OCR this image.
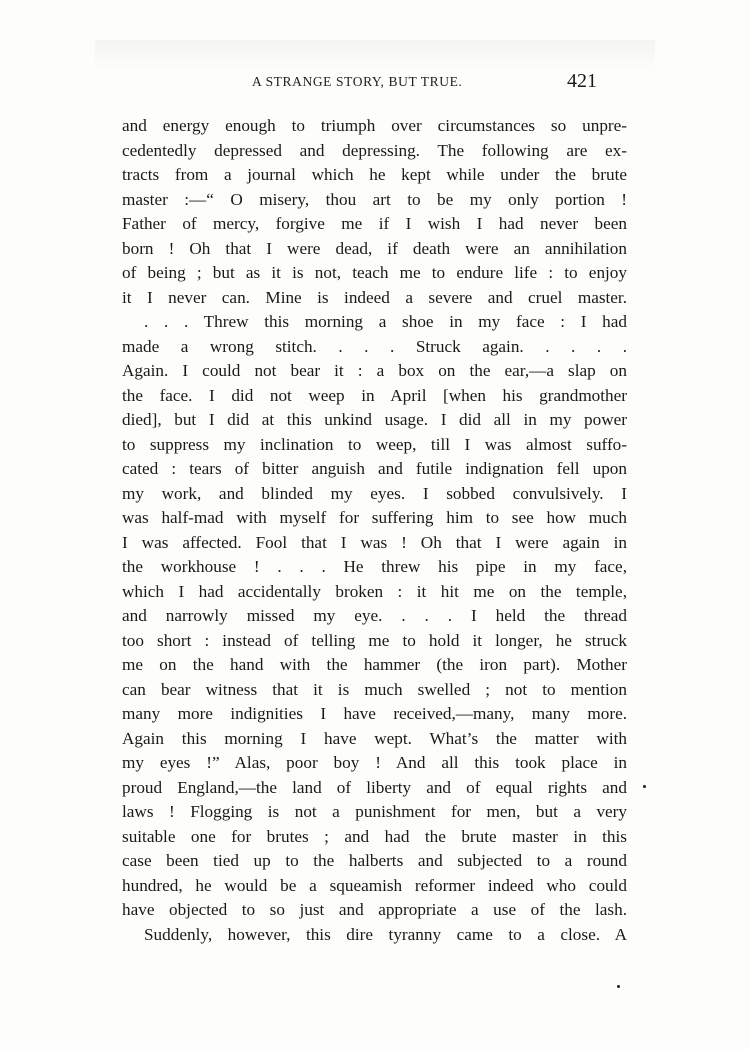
A STRANGE STORY, BUT TRUE.	421
and energy enough to triumph over circumstances so unpre-
cedentedly depressed and depressing. The following are ex-
tracts from a journal which he kept while under the brute
master :—“ O misery, thou art to be my only portion !
Father of mercy, forgive me if I wish I had never been
born ! Oh that I were dead, if death were an annihilation
of being ; but as it is not, teach me to endure life : to enjoy
it I never can. Mine is indeed a severe and cruel master.
. . . Threw this morning a shoe in my face : I had
made a wrong stitch. . . . Struck again. . . . .
Again. I could not bear it : a box on the ear,—a slap on
the face. I did not weep in April [when his grandmother
died], but I did at this unkind usage. I did all in my power
to suppress my inclination to weep, till I was almost suffo-
cated : tears of bitter anguish and futile indignation fell upon
my work, and blinded my eyes. I sobbed convulsively. I
was half-mad with myself for suffering him to see how much
I was affected. Fool that I was ! Oh that I were again in
the workhouse ! . . . He threw his pipe in my face,
which I had accidentally broken : it hit me on the temple,
and narrowly missed my eye. . . . I held the thread
too short : instead of telling me to hold it longer, he struck
me on the hand with the hammer (the iron part). Mother
can bear witness that it is much swelled ; not to mention
many more indignities I have received,—many, many more.
Again this morning I have wept. What’s the matter with
my eyes !” Alas, poor boy ! And all this took place in
proud England,—the land of liberty and of equal rights and
laws ! Flogging is not a punishment for men, but a very
suitable one for brutes ; and had the brute master in this
case been tied up to the halberts and subjected to a round
hundred, he would be a squeamish reformer indeed who could
have objected to so just and appropriate a use of the lash.
Suddenly, however, this dire tyranny came to a close. A
